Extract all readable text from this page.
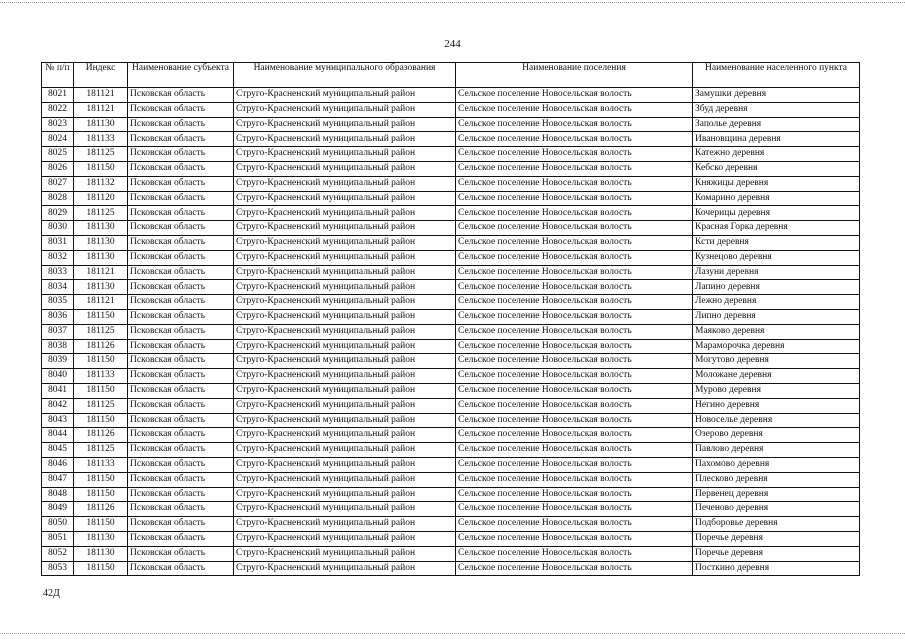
244
№ п/п	Индекс	Наименование субъекта	Наименование муниципального образования	Наименование поселения	Наименование населенного пункта
8021	181121	Псковская область	Струго-Красненский муниципальный район	Сельское поселение Новосельская волость	Замушки деревня
8022	181121	Псковская область	Струго-Красненский муниципальный район	Сельское поселение Новосельская волость	Збуд деревня
8023	181130	Псковская область	Струго-Красненский муниципальный район	Сельское поселение Новосельская волость	Заполье деревня
8024	181133	Псковская область	Струго-Красненский муниципальный район	Сельское поселение Новосельская волость	Ивановщина деревня
8025	181125	Псковская область	Струго-Красненский муниципальный район	Сельское поселение Новосельская волость	Катежно деревня
8026	181150	Псковская область	Струго-Красненский муниципальный район	Сельское поселение Новосельская волость	Кебско деревня
8027	181132	Псковская область	Струго-Красненский муниципальный район	Сельское поселение Новосельская волость	Княжицы деревня
8028	181120	Псковская область	Струго-Красненский муниципальный район	Сельское поселение Новосельская волость	Комарино деревня
8029	181125	Псковская область	Струго-Красненский муниципальный район	Сельское поселение Новосельская волость	Кочерицы деревня
8030	181130	Псковская область	Струго-Красненский муниципальный район	Сельское поселение Новосельская волость	Красная Горка деревня
8031	181130	Псковская область	Струго-Красненский муниципальный район	Сельское поселение Новосельская волость	Ксти деревня
8032	181130	Псковская область	Струго-Красненский муниципальный район	Сельское поселение Новосельская волость	Кузнецово деревня
8033	181121	Псковская область	Струго-Красненский муниципальный район	Сельское поселение Новосельская волость	Лазуни деревня
8034	181130	Псковская область	Струго-Красненский муниципальный район	Сельское поселение Новосельская волость	Лапино деревня
8035	181121	Псковская область	Струго-Красненский муниципальный район	Сельское поселение Новосельская волость	Лежно деревня
8036	181150	Псковская область	Струго-Красненский муниципальный район	Сельское поселение Новосельская волость	Липно деревня
8037	181125	Псковская область	Струго-Красненский муниципальный район	Сельское поселение Новосельская волость	Маяково деревня
8038	181126	Псковская область	Струго-Красненский муниципальный район	Сельское поселение Новосельская волость	Мараморочка деревня
8039	181150	Псковская область	Струго-Красненский муниципальный район	Сельское поселение Новосельская волость	Могутово деревня
8040	181133	Псковская область	Струго-Красненский муниципальный район	Сельское поселение Новосельская волость	Моложане деревня
8041	181150	Псковская область	Струго-Красненский муниципальный район	Сельское поселение Новосельская волость	Мурово деревня
8042	181125	Псковская область	Струго-Красненский муниципальный район	Сельское поселение Новосельская волость	Негино деревня
8043	181150	Псковская область	Струго-Красненский муниципальный район	Сельское поселение Новосельская волость	Новоселье деревня
8044	181126	Псковская область	Струго-Красненский муниципальный район	Сельское поселение Новосельская волость	Озерово деревня
8045	181125	Псковская область	Струго-Красненский муниципальный район	Сельское поселение Новосельская волость	Павлово деревня
8046	181133	Псковская область	Струго-Красненский муниципальный район	Сельское поселение Новосельская волость	Пахомово деревня
8047	181150	Псковская область	Струго-Красненский муниципальный район	Сельское поселение Новосельская волость	Плесково деревня
8048	181150	Псковская область	Струго-Красненский муниципальный район	Сельское поселение Новосельская волость	Первенец деревня
8049	181126	Псковская область	Струго-Красненский муниципальный район	Сельское поселение Новосельская волость	Печеново деревня
8050	181150	Псковская область	Струго-Красненский муниципальный район	Сельское поселение Новосельская волость	Подборовье деревня
8051	181130	Псковская область	Струго-Красненский муниципальный район	Сельское поселение Новосельская волость	Поречье деревня
8052	181130	Псковская область	Струго-Красненский муниципальный район	Сельское поселение Новосельская волость	Поречье деревня
8053	181150	Псковская область	Струго-Красненский муниципальный район	Сельское поселение Новосельская волость	Посткино деревня
42Д
